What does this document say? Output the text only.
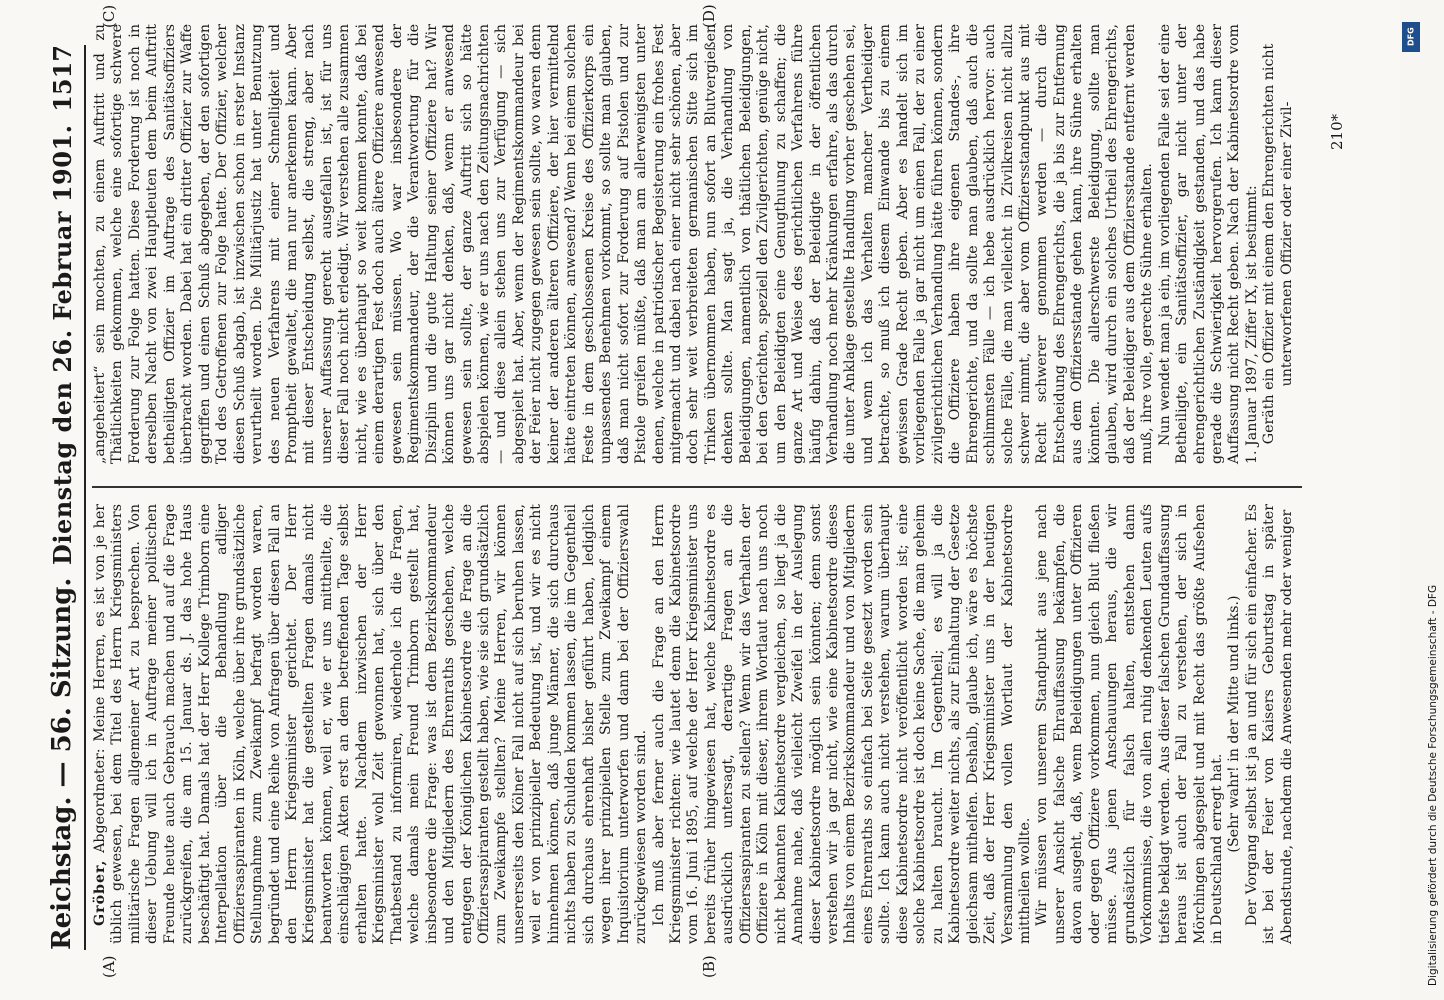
Reichstag. — 56. Sitzung.
Dienstag den 26. Februar 1901.
1517
(A)	(B)
(C)	(D)

Gröber, Abgeordneter: Meine Herren, es ist von je her üblich gewesen, bei dem Titel des Herrn Kriegsministers militärische Fragen allgemeiner Art zu besprechen. Von dieser Uebung will ich in Auftrage meiner politischen Freunde heute auch Gebrauch machen und auf die Frage zurückgreifen, die am 15. Januar ds. J. das hohe Haus beschäftigt hat. Damals hat der Herr Kollege Trimborn eine Interpellation über die Behandlung adliger Offiziersaspiranten in Köln, welche über ihre grundsätzliche Stellungnahme zum Zweikampf befragt worden waren, begründet und eine Reihe von Anfragen über diesen Fall an den Herrn Kriegsminister gerichtet. Der Herr Kriegsminister hat die gestellten Fragen damals nicht beantworten können, weil er, wie er uns mittheilte, die einschlägigen Akten erst an dem betreffenden Tage selbst erhalten hatte. Nachdem inzwischen der Herr Kriegsminister wohl Zeit gewonnen hat, sich über den Thatbestand zu informiren, wiederhole ich die Fragen, welche damals mein Freund Trimborn gestellt hat, insbesondere die Frage: was ist dem Bezirkskommandeur und den Mitgliedern des Ehrenraths geschehen, welche entgegen der Königlichen Kabinetsordre die Frage an die Offiziersaspiranten gestellt haben, wie sie sich grundsätzlich zum Zweikampfe stellten? Meine Herren, wir können unsererseits den Kölner Fall nicht auf sich beruhen lassen, weil er von prinzipieller Bedeutung ist, und wir es nicht hinnehmen können, daß junge Männer, die sich durchaus nichts haben zu Schulden kommen lassen, die im Gegentheil sich durchaus ehrenhaft bisher geführt haben, lediglich wegen ihrer prinzipiellen Stelle zum Zweikampf einem Inquisitorium unterworfen und dann bei der Offizierswahl zurückgewiesen worden sind. Ich muß aber ferner auch die Frage an den Herrn Kriegsminister richten: wie lautet denn die Kabinetsordre vom 16. Juni 1895, auf welche der Herr Kriegsminister uns bereits früher hingewiesen hat, welche Kabinetsordre es ausdrücklich untersagt, derartige Fragen an die Offiziersaspiranten zu stellen? Wenn wir das Verhalten der Offiziere in Köln mit dieser, ihrem Wortlaut nach uns noch nicht bekannten Kabinetsordre vergleichen, so liegt ja die Annahme nahe, daß vielleicht Zweifel in der Auslegung dieser Kabinetsordre möglich sein könnten; denn sonst verstehen wir ja gar nicht, wie eine Kabinetsordre dieses Inhalts von einem Bezirkskommandeur und von Mitgliedern eines Ehrenraths so einfach bei Seite gesetzt worden sein sollte. Ich kann auch nicht verstehen, warum überhaupt diese Kabinetsordre nicht veröffentlicht worden ist; eine solche Kabinetsordre ist doch keine Sache, die man geheim zu halten braucht. Im Gegentheil; es will ja die Kabinetsordre weiter nichts, als zur Einhaltung der Gesetze gleichsam mithelfen. Deshalb, glaube ich, wäre es höchste Zeit, daß der Herr Kriegsminister uns in der heutigen Versammlung den vollen Wortlaut der Kabinetsordre mittheilen wollte. Wir müssen von unserem Standpunkt aus jene nach unserer Ansicht falsche Ehrauffassung bekämpfen, die davon ausgeht, daß, wenn Beleidigungen unter Offizieren oder gegen Offiziere vorkommen, nun gleich Blut fließen müsse. Aus jenen Anschauungen heraus, die wir grundsätzlich für falsch halten, entstehen dann Vorkommnisse, die von allen ruhig denkenden Leuten aufs tiefste beklagt werden. Aus dieser falschen Grundauffassung heraus ist auch der Fall zu verstehen, der sich in Mörchingen abgespielt und mit Recht das größte Aufsehen in Deutschland erregt hat. (Sehr wahr! in der Mitte und links.) Der Vorgang selbst ist ja an und für sich ein einfacher. Es ist bei der Feier von Kaisers Geburtstag in später Abendstunde, nachdem die Anwesenden mehr oder weniger

„angeheitert“ sein mochten, zu einem Auftritt und zu Thätlichkeiten gekommen, welche eine sofortige schwere Forderung zur Folge hatten. Diese Forderung ist noch in derselben Nacht von zwei Hauptleuten dem beim Auftritt betheiligten Offizier im Auftrage des Sanitätsoffiziers überbracht worden. Dabei hat ein dritter Offizier zur Waffe gegriffen und einen Schuß abgegeben, der den sofortigen Tod des Getroffenen zur Folge hatte. Der Offizier, welcher diesen Schuß abgab, ist inzwischen schon in erster Instanz verurtheilt worden. Die Militärjustiz hat unter Benutzung des neuen Verfahrens mit einer Schnelligkeit und Promptheit gewaltet, die man nur anerkennen kann. Aber mit dieser Entscheidung selbst, die streng, aber nach unserer Auffassung gerecht ausgefallen ist, ist für uns dieser Fall noch nicht erledigt. Wir verstehen alle zusammen nicht, wie es überhaupt so weit kommen konnte, daß bei einem derartigen Fest doch auch ältere Offiziere anwesend gewesen sein müssen. Wo war insbesondere der Regimentskommandeur, der die Verantwortung für die Disziplin und die gute Haltung seiner Offiziere hat? Wir können uns gar nicht denken, daß, wenn er anwesend gewesen sein sollte, der ganze Auftritt sich so hätte abspielen können, wie er uns nach den Zeitungsnachrichten — und diese allein stehen uns zur Verfügung — sich abgespielt hat. Aber, wenn der Regimentskommandeur bei der Feier nicht zugegen gewesen sein sollte, wo waren denn keiner der anderen älteren Offiziere, der hier vermittelnd hätte eintreten können, anwesend? Wenn bei einem solchen Feste in dem geschlossenen Kreise des Offizierkorps ein unpassendes Benehmen vorkommt, so sollte man glauben, daß man nicht sofort zur Forderung auf Pistolen und zur Pistole greifen müßte, daß man am allerwenigsten unter denen, welche in patriotischer Begeisterung ein frohes Fest mitgemacht und dabei nach einer nicht sehr schönen, aber doch sehr weit verbreiteten germanischen Sitte sich im Trinken übernommen haben, nun sofort an Blutvergießen denken sollte. Man sagt ja, die Verhandlung von Beleidigungen, namentlich von thätlichen Beleidigungen, bei den Gerichten, speziell den Zivilgerichten, genüge nicht, um den Beleidigten eine Genugthuung zu schaffen; die ganze Art und Weise des gerichtlichen Verfahrens führe häufig dahin, daß der Beleidigte in der öffentlichen Verhandlung noch mehr Kränkungen erfahre, als das durch die unter Anklage gestellte Handlung vorher geschehen sei, und wenn ich das Verhalten mancher Vertheidiger betrachte, so muß ich diesem Einwande bis zu einem gewissen Grade Recht geben. Aber es handelt sich im vorliegenden Falle ja gar nicht um einen Fall, der zu einer zivilgerichtlichen Verhandlung hätte führen können, sondern die Offiziere haben ihre eigenen Standes-, ihre Ehrengerichte, und da sollte man glauben, daß auch die schlimmsten Fälle — ich hebe ausdrücklich hervor: auch solche Fälle, die man vielleicht in Zivilkreisen nicht allzu schwer nimmt, die aber vom Offiziersstandpunkt aus mit Recht schwerer genommen werden — durch die Entscheidung des Ehrengerichts, die ja bis zur Entfernung aus dem Offiziersstande gehen kann, ihre Sühne erhalten könnten. Die allerschwerste Beleidigung, sollte man glauben, wird durch ein solches Urtheil des Ehrengerichts, daß der Beleidiger aus dem Offiziersstande entfernt werden muß, ihre volle, gerechte Sühne erhalten. Nun wendet man ja ein, im vorliegenden Falle sei der eine Betheiligte, ein Sanitätsoffizier, gar nicht unter der ehrengerichtlichen Zuständigkeit gestanden, und das habe gerade die Schwierigkeit hervorgerufen. Ich kann dieser Auffassung nicht Recht geben. Nach der Kabinetsordre vom 1. Januar 1897, Ziffer IX, ist bestimmt: Geräth ein Offizier mit einem den Ehrengerichten nicht unterworfenen Offizier oder einer Zivil- 210*
Digitalisierung gefördert durch die Deutsche Forschungsgemeinschaft - DFG
DFG
